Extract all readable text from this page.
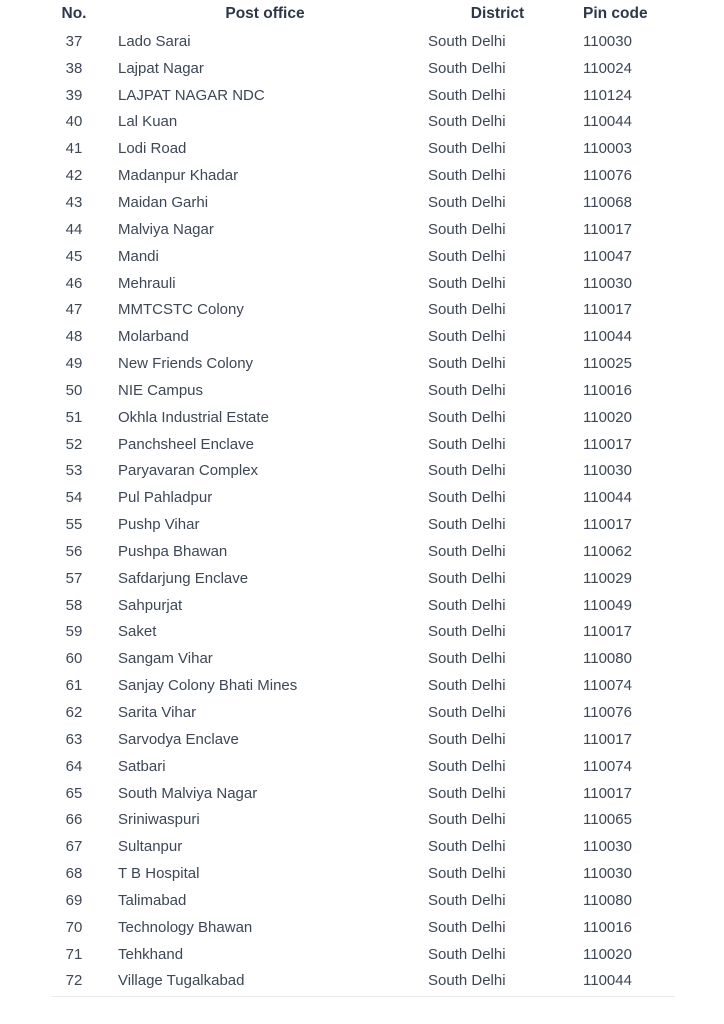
No.	Post office	District	Pin code
37	Lado Sarai	South Delhi	110030
38	Lajpat Nagar	South Delhi	110024
39	LAJPAT NAGAR NDC	South Delhi	110124
40	Lal Kuan	South Delhi	110044
41	Lodi Road	South Delhi	110003
42	Madanpur Khadar	South Delhi	110076
43	Maidan Garhi	South Delhi	110068
44	Malviya Nagar	South Delhi	110017
45	Mandi	South Delhi	110047
46	Mehrauli	South Delhi	110030
47	MMTCSTC Colony	South Delhi	110017
48	Molarband	South Delhi	110044
49	New Friends Colony	South Delhi	110025
50	NIE Campus	South Delhi	110016
51	Okhla Industrial Estate	South Delhi	110020
52	Panchsheel Enclave	South Delhi	110017
53	Paryavaran Complex	South Delhi	110030
54	Pul Pahladpur	South Delhi	110044
55	Pushp Vihar	South Delhi	110017
56	Pushpa Bhawan	South Delhi	110062
57	Safdarjung Enclave	South Delhi	110029
58	Sahpurjat	South Delhi	110049
59	Saket	South Delhi	110017
60	Sangam Vihar	South Delhi	110080
61	Sanjay Colony Bhati Mines	South Delhi	110074
62	Sarita Vihar	South Delhi	110076
63	Sarvodya Enclave	South Delhi	110017
64	Satbari	South Delhi	110074
65	South Malviya Nagar	South Delhi	110017
66	Sriniwaspuri	South Delhi	110065
67	Sultanpur	South Delhi	110030
68	T B Hospital	South Delhi	110030
69	Talimabad	South Delhi	110080
70	Technology Bhawan	South Delhi	110016
71	Tehkhand	South Delhi	110020
72	Village Tugalkabad	South Delhi	110044
